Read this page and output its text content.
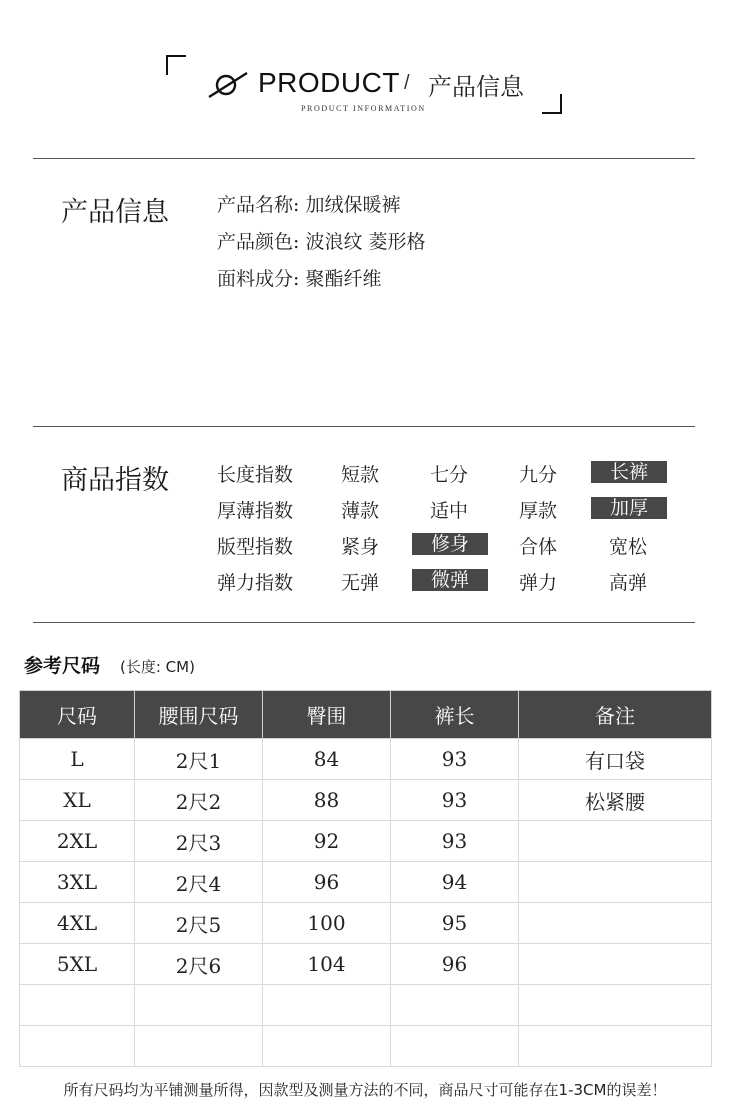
PRODUCT / 产品信息
PRODUCT INFORMATION
产品信息	产品名称: 加绒保暖裤
产品颜色: 波浪纹 菱形格
面料成分: 聚酯纤维
商品指数	长度指数	短款	七分	九分	长裤
厚薄指数	薄款	适中	厚款	加厚
版型指数	紧身	修身	合体	宽松
弹力指数	无弹	微弹	弹力	高弹
参考尺码 (长度: CM)
尺码	腰围尺码	臀围	裤长	备注
L	2尺1	84	93	有口袋
XL	2尺2	88	93	松紧腰
2XL	2尺3	92	93	
3XL	2尺4	96	94	
4XL	2尺5	100	95	
5XL	2尺6	104	96	

所有尺码均为平铺测量所得，因款型及测量方法的不同，商品尺寸可能存在1-3CM的误差！
